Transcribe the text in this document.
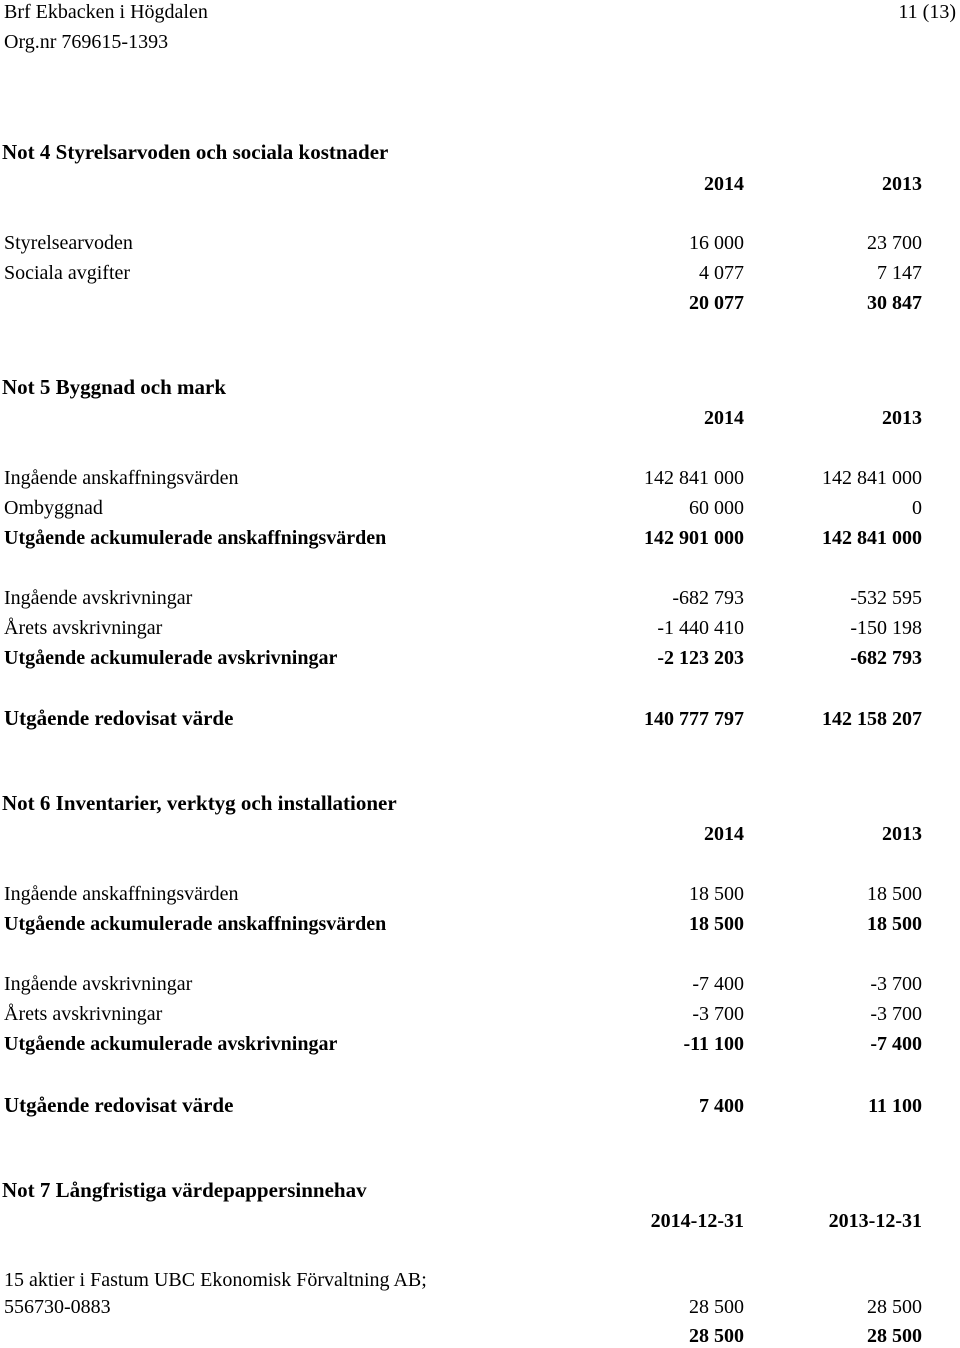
Brf Ekbacken i Högdalen
Org.nr 769615-1393
11 (13)
Not 4 Styrelsarvoden och sociala kostnader
2014	2013
Styrelsearvoden	16 000	23 700
Sociala avgifter	4 077	7 147
20 077	30 847
Not 5 Byggnad och mark
2014	2013
Ingående anskaffningsvärden	142 841 000	142 841 000
Ombyggnad	60 000	0
Utgående ackumulerade anskaffningsvärden	142 901 000	142 841 000
Ingående avskrivningar	-682 793	-532 595
Årets avskrivningar	-1 440 410	-150 198
Utgående ackumulerade avskrivningar	-2 123 203	-682 793
Utgående redovisat värde	140 777 797	142 158 207
Not 6 Inventarier, verktyg och installationer
2014	2013
Ingående anskaffningsvärden	18 500	18 500
Utgående ackumulerade anskaffningsvärden	18 500	18 500
Ingående avskrivningar	-7 400	-3 700
Årets avskrivningar	-3 700	-3 700
Utgående ackumulerade avskrivningar	-11 100	-7 400
Utgående redovisat värde	7 400	11 100
Not 7 Långfristiga värdepappersinnehav
2014-12-31	2013-12-31
15 aktier i Fastum UBC Ekonomisk Förvaltning AB;
556730-0883	28 500	28 500
28 500	28 500
